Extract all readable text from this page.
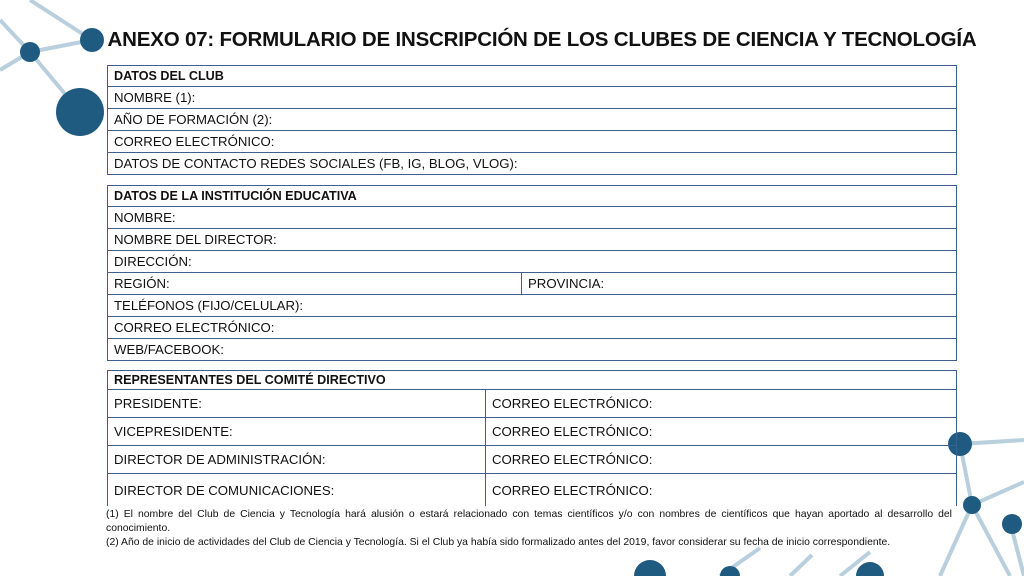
ANEXO 07: FORMULARIO DE INSCRIPCIÓN DE LOS CLUBES DE CIENCIA Y TECNOLOGÍA
DATOS DEL CLUB
NOMBRE (1):
AÑO DE FORMACIÓN (2):
CORREO ELECTRÓNICO:
DATOS DE CONTACTO REDES SOCIALES (FB, IG, BLOG, VLOG):
DATOS DE LA INSTITUCIÓN EDUCATIVA
NOMBRE:
NOMBRE DEL DIRECTOR:
DIRECCIÓN:
REGIÓN:	PROVINCIA:
TELÉFONOS (FIJO/CELULAR):
CORREO ELECTRÓNICO:
WEB/FACEBOOK:
REPRESENTANTES DEL COMITÉ DIRECTIVO
PRESIDENTE:	CORREO ELECTRÓNICO:
VICEPRESIDENTE:	CORREO ELECTRÓNICO:
DIRECTOR DE ADMINISTRACIÓN:	CORREO ELECTRÓNICO:
DIRECTOR DE COMUNICACIONES:	CORREO ELECTRÓNICO:

(1) El nombre del Club de Ciencia y Tecnología hará alusión o estará relacionado con temas científicos y/o con nombres de científicos que hayan aportado al desarrollo del conocimiento.

(2) Año de inicio de actividades del Club de Ciencia y Tecnología. Si el Club ya había sido formalizado antes del 2019, favor considerar su fecha de inicio correspondiente.
